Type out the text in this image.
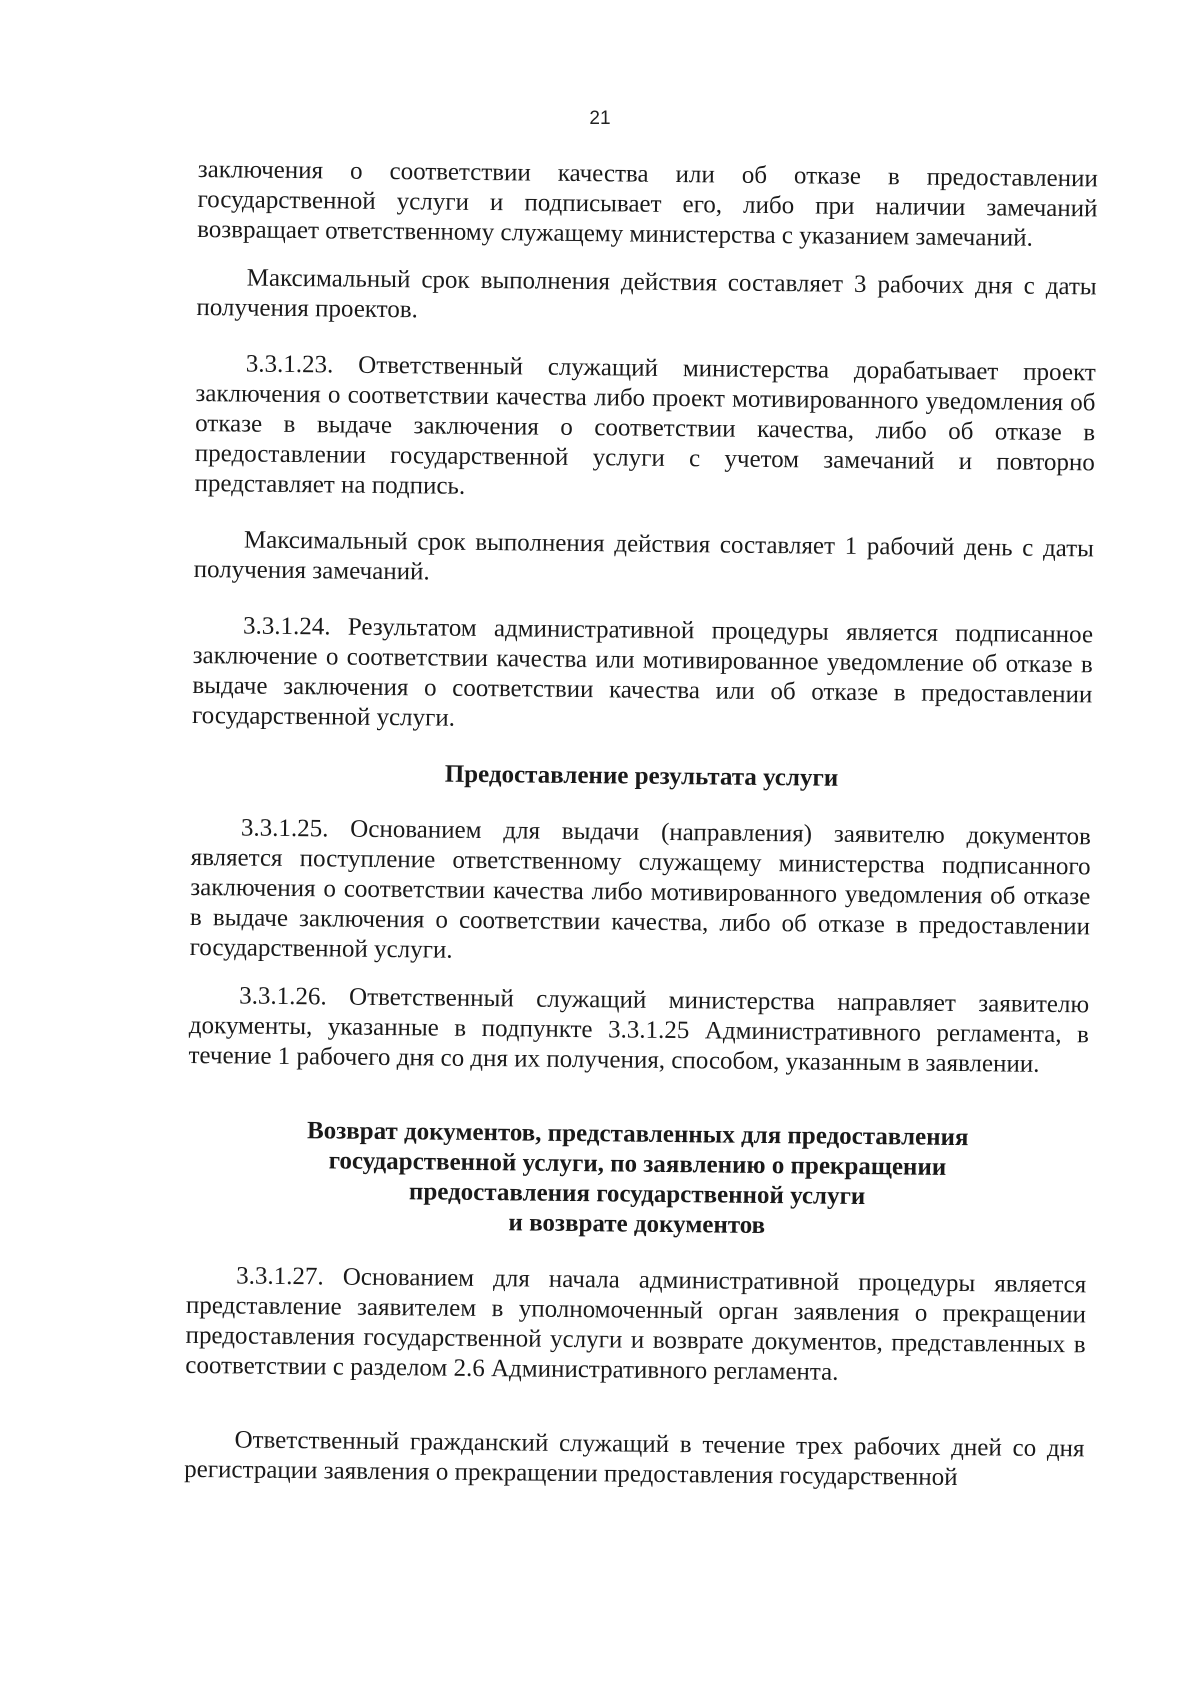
21

заключения о соответствии качества или об отказе в предоставлении государственной услуги и подписывает его, либо при наличии замечаний возвращает ответственному служащему министерства с указанием замечаний.

Максимальный срок выполнения действия составляет 3 рабочих дня с даты получения проектов.

3.3.1.23. Ответственный служащий министерства дорабатывает проект заключения о соответствии качества либо проект мотивированного уведомления об отказе в выдаче заключения о соответствии качества, либо об отказе в предоставлении государственной услуги с учетом замечаний и повторно представляет на подпись.

Максимальный срок выполнения действия составляет 1 рабочий день с даты получения замечаний.

3.3.1.24. Результатом административной процедуры является подписанное заключение о соответствии качества или мотивированное уведомление об отказе в выдаче заключения о соответствии качества или об отказе в предоставлении государственной услуги.

Предоставление результата услуги

3.3.1.25. Основанием для выдачи (направления) заявителю документов является поступление ответственному служащему министерства подписанного заключения о соответствии качества либо мотивированного уведомления об отказе в выдаче заключения о соответствии качества, либо об отказе в предоставлении государственной услуги.

3.3.1.26. Ответственный служащий министерства направляет заявителю документы, указанные в подпункте 3.3.1.25 Административного регламента, в течение 1 рабочего дня со дня их получения, способом, указанным в заявлении.

Возврат документов, представленных для предоставления
государственной услуги, по заявлению о прекращении
предоставления государственной услуги
и возврате документов

3.3.1.27. Основанием для начала административной процедуры является представление заявителем в уполномоченный орган заявления о прекращении предоставления государственной услуги и возврате документов, представленных в соответствии с разделом 2.6 Административного регламента.

Ответственный гражданский служащий в течение трех рабочих дней со дня регистрации заявления о прекращении предоставления государственной
